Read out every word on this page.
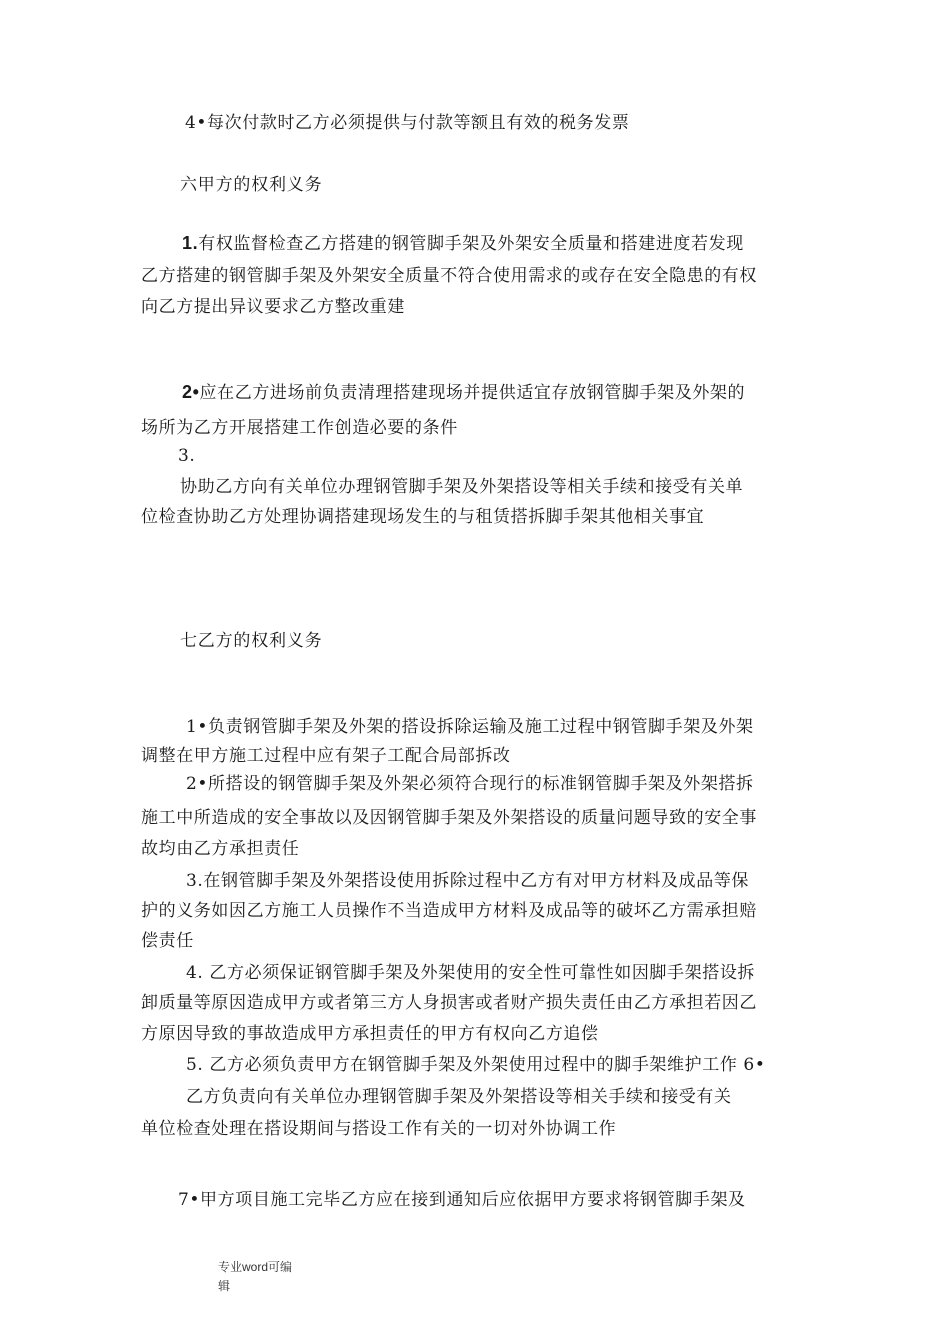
4•每次付款时乙方必须提供与付款等额且有效的税务发票
六甲方的权利义务
1.有权监督检查乙方搭建的钢管脚手架及外架安全质量和搭建进度若发现
乙方搭建的钢管脚手架及外架安全质量不符合使用需求的或存在安全隐患的有权
向乙方提出异议要求乙方整改重建
2•应在乙方进场前负责清理搭建现场并提供适宜存放钢管脚手架及外架的
场所为乙方开展搭建工作创造必要的条件
3.
协助乙方向有关单位办理钢管脚手架及外架搭设等相关手续和接受有关单
位检查协助乙方处理协调搭建现场发生的与租赁搭拆脚手架其他相关事宜
七乙方的权利义务
1•负责钢管脚手架及外架的搭设拆除运输及施工过程中钢管脚手架及外架
调整在甲方施工过程中应有架子工配合局部拆改
2•所搭设的钢管脚手架及外架必须符合现行的标准钢管脚手架及外架搭拆
施工中所造成的安全事故以及因钢管脚手架及外架搭设的质量问题导致的安全事
故均由乙方承担责任
3.在钢管脚手架及外架搭设使用拆除过程中乙方有对甲方材料及成品等保
护的义务如因乙方施工人员操作不当造成甲方材料及成品等的破坏乙方需承担赔
偿责任
4. 乙方必须保证钢管脚手架及外架使用的安全性可靠性如因脚手架搭设拆
卸质量等原因造成甲方或者第三方人身损害或者财产损失责任由乙方承担若因乙
方原因导致的事故造成甲方承担责任的甲方有权向乙方追偿
5. 乙方必须负责甲方在钢管脚手架及外架使用过程中的脚手架维护工作 6•
乙方负责向有关单位办理钢管脚手架及外架搭设等相关手续和接受有关
单位检查处理在搭设期间与搭设工作有关的一切对外协调工作
7•甲方项目施工完毕乙方应在接到通知后应依据甲方要求将钢管脚手架及
专业word可编
辑
